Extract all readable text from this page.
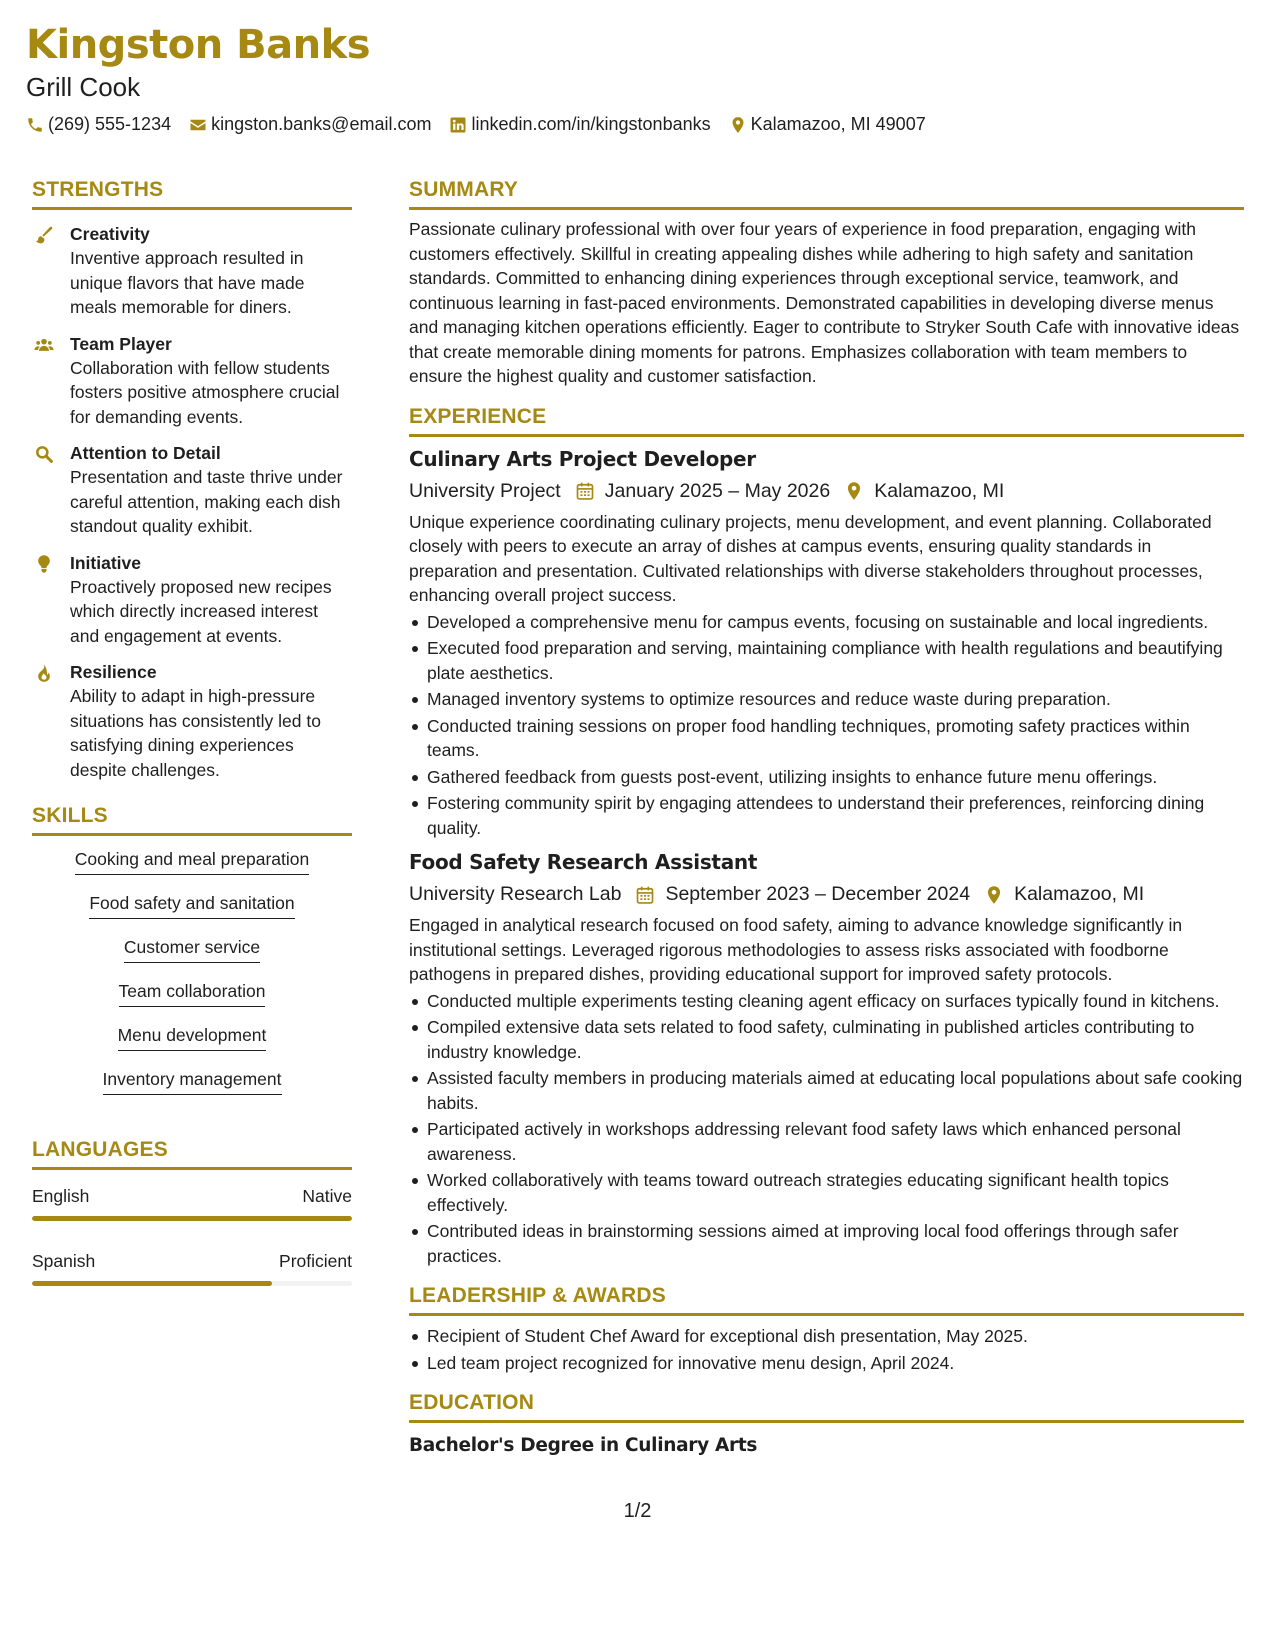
Kingston Banks
Grill Cook
(269) 555-1234 kingston.banks@email.com linkedin.com/in/kingstonbanks Kalamazoo, MI 49007
STRENGTHS
Creativity
Inventive approach resulted in unique flavors that have made meals memorable for diners.
Team Player
Collaboration with fellow students fosters positive atmosphere crucial for demanding events.
Attention to Detail
Presentation and taste thrive under careful attention, making each dish standout quality exhibit.
Initiative
Proactively proposed new recipes which directly increased interest and engagement at events.
Resilience
Ability to adapt in high-pressure situations has consistently led to satisfying dining experiences despite challenges.
SKILLS
Cooking and meal preparation
Food safety and sanitation
Customer service
Team collaboration
Menu development
Inventory management
LANGUAGES
English	Native
Spanish	Proficient
SUMMARY
Passionate culinary professional with over four years of experience in food preparation, engaging with customers effectively. Skillful in creating appealing dishes while adhering to high safety and sanitation standards. Committed to enhancing dining experiences through exceptional service, teamwork, and continuous learning in fast-paced environments. Demonstrated capabilities in developing diverse menus and managing kitchen operations efficiently. Eager to contribute to Stryker South Cafe with innovative ideas that create memorable dining moments for patrons. Emphasizes collaboration with team members to ensure the highest quality and customer satisfaction.
EXPERIENCE
Culinary Arts Project Developer
University Project January 2025 – May 2026 Kalamazoo, MI
Unique experience coordinating culinary projects, menu development, and event planning. Collaborated closely with peers to execute an array of dishes at campus events, ensuring quality standards in preparation and presentation. Cultivated relationships with diverse stakeholders throughout processes, enhancing overall project success.
Developed a comprehensive menu for campus events, focusing on sustainable and local ingredients.
Executed food preparation and serving, maintaining compliance with health regulations and beautifying plate aesthetics.
Managed inventory systems to optimize resources and reduce waste during preparation.
Conducted training sessions on proper food handling techniques, promoting safety practices within teams.
Gathered feedback from guests post-event, utilizing insights to enhance future menu offerings.
Fostering community spirit by engaging attendees to understand their preferences, reinforcing dining quality.
Food Safety Research Assistant
University Research Lab September 2023 – December 2024 Kalamazoo, MI
Engaged in analytical research focused on food safety, aiming to advance knowledge significantly in institutional settings. Leveraged rigorous methodologies to assess risks associated with foodborne pathogens in prepared dishes, providing educational support for improved safety protocols.
Conducted multiple experiments testing cleaning agent efficacy on surfaces typically found in kitchens.
Compiled extensive data sets related to food safety, culminating in published articles contributing to industry knowledge.
Assisted faculty members in producing materials aimed at educating local populations about safe cooking habits.
Participated actively in workshops addressing relevant food safety laws which enhanced personal awareness.
Worked collaboratively with teams toward outreach strategies educating significant health topics effectively.
Contributed ideas in brainstorming sessions aimed at improving local food offerings through safer practices.
LEADERSHIP & AWARDS
Recipient of Student Chef Award for exceptional dish presentation, May 2025.
Led team project recognized for innovative menu design, April 2024.
EDUCATION
Bachelor's Degree in Culinary Arts
1/2
